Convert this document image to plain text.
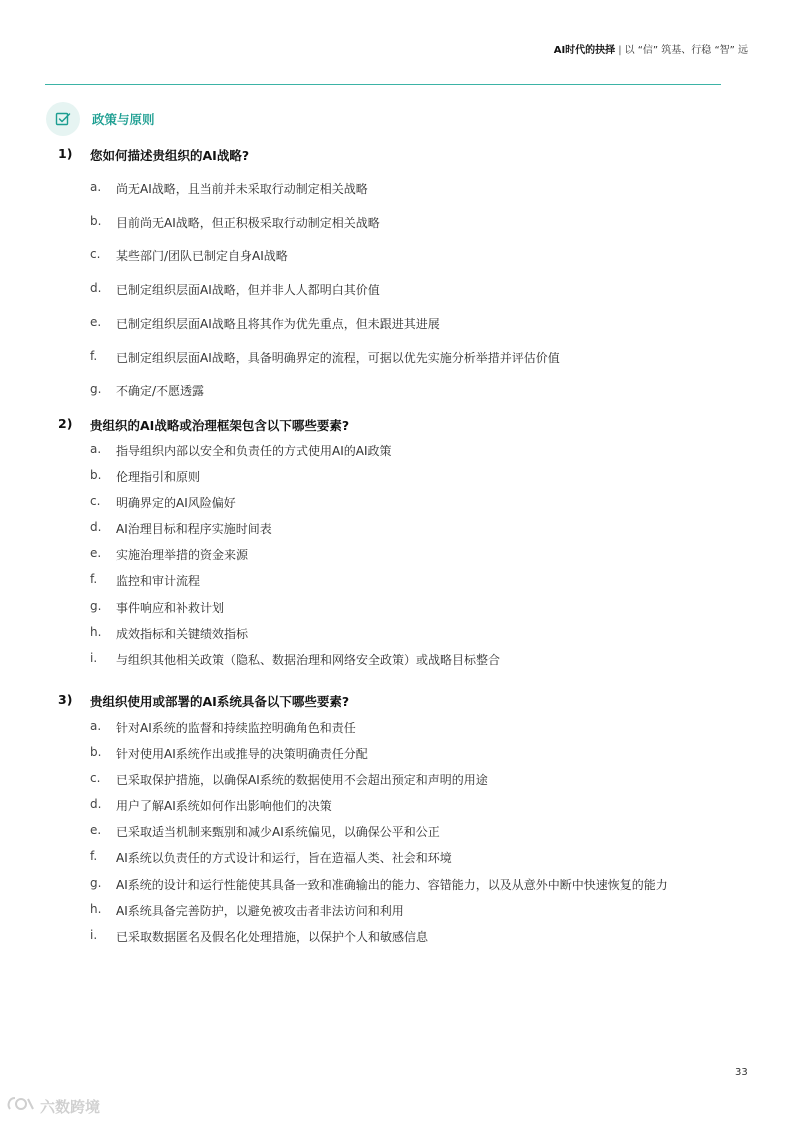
AI时代的抉择 | 以 “信” 筑基、行稳 “智” 远
政策与原则
1)	您如何描述贵组织的AI战略?
a.	尚无AI战略，且当前并未采取行动制定相关战略
b.	目前尚无AI战略，但正积极采取行动制定相关战略
c.	某些部门/团队已制定自身AI战略
d.	已制定组织层面AI战略，但并非人人都明白其价值
e.	已制定组织层面AI战略且将其作为优先重点，但未跟进其进展
f.	已制定组织层面AI战略，具备明确界定的流程，可据以优先实施分析举措并评估价值
g.	不确定/不愿透露
2)	贵组织的AI战略或治理框架包含以下哪些要素?
a.	指导组织内部以安全和负责任的方式使用AI的AI政策
b.	伦理指引和原则
c.	明确界定的AI风险偏好
d.	AI治理目标和程序实施时间表
e.	实施治理举措的资金来源
f.	监控和审计流程
g.	事件响应和补救计划
h.	成效指标和关键绩效指标
i.	与组织其他相关政策（隐私、数据治理和网络安全政策）或战略目标整合
3)	贵组织使用或部署的AI系统具备以下哪些要素?
a.	针对AI系统的监督和持续监控明确角色和责任
b.	针对使用AI系统作出或推导的决策明确责任分配
c.	已采取保护措施，以确保AI系统的数据使用不会超出预定和声明的用途
d.	用户了解AI系统如何作出影响他们的决策
e.	已采取适当机制来甄别和减少AI系统偏见，以确保公平和公正
f.	AI系统以负责任的方式设计和运行，旨在造福人类、社会和环境
g.	AI系统的设计和运行性能使其具备一致和准确输出的能力、容错能力，以及从意外中断中快速恢复的能力
h.	AI系统具备完善防护，以避免被攻击者非法访问和利用
i.	已采取数据匿名及假名化处理措施，以保护个人和敏感信息
33
六数跨境
